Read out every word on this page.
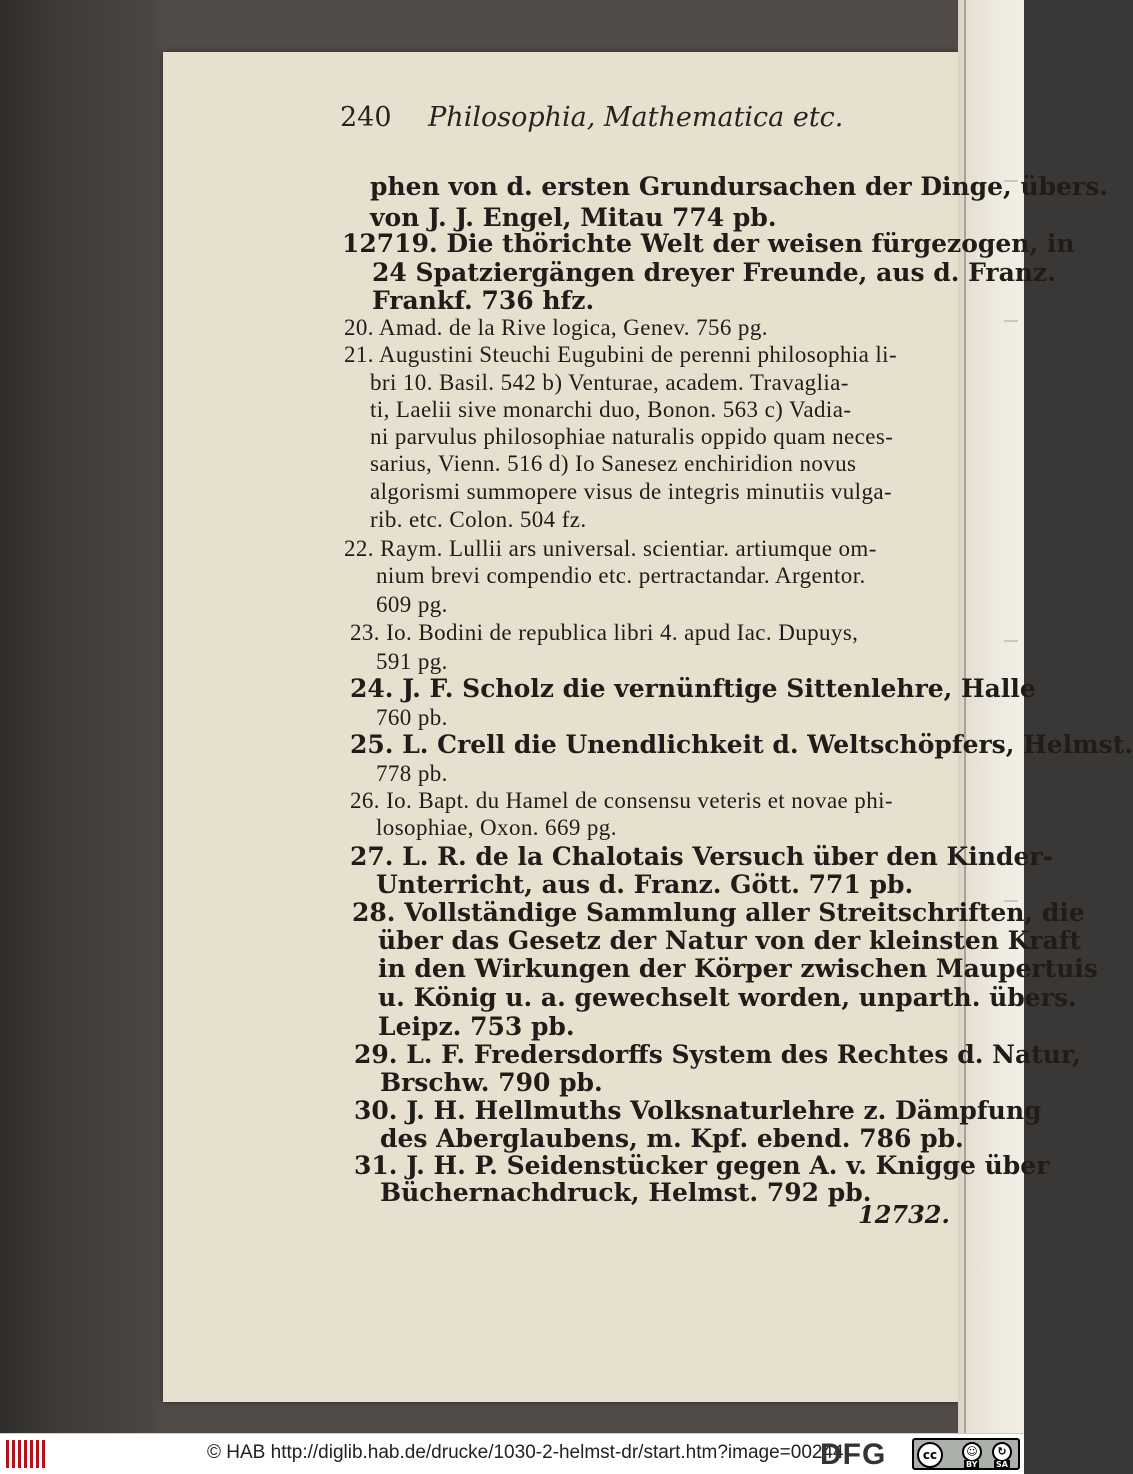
240 Philosophia, Mathematica etc.
phen von d. ersten Grundursachen der Dinge, übers.
von J. J. Engel, Mitau 774 pb.
12719. Die thörichte Welt der weisen fürgezogen, in
24 Spatziergängen dreyer Freunde, aus d. Franz.
Frankf. 736 hfz.
20. Amad. de la Rive logica, Genev. 756 pg.
21. Augustini Steuchi Eugubini de perenni philosophia li-
bri 10. Basil. 542 b) Venturae, academ. Travaglia-
ti, Laelii sive monarchi duo, Bonon. 563 c) Vadia-
ni parvulus philosophiae naturalis oppido quam neces-
sarius, Vienn. 516 d) Io Sanesez enchiridion novus
algorismi summopere visus de integris minutiis vulga-
rib. etc. Colon. 504 fz.
22. Raym. Lullii ars universal. scientiar. artiumque om-
nium brevi compendio etc. pertractandar. Argentor.
609 pg.
23. Io. Bodini de republica libri 4. apud Iac. Dupuys,
591 pg.
24. J. F. Scholz die vernünftige Sittenlehre, Halle
760 pb.
25. L. Crell die Unendlichkeit d. Weltschöpfers, Helmst.
778 pb.
26. Io. Bapt. du Hamel de consensu veteris et novae phi-
losophiae, Oxon. 669 pg.
27. L. R. de la Chalotais Versuch über den Kinder-
Unterricht, aus d. Franz. Gött. 771 pb.
28. Vollständige Sammlung aller Streitschriften, die
über das Gesetz der Natur von der kleinsten Kraft
in den Wirkungen der Körper zwischen Maupertuis
u. König u. a. gewechselt worden, unparth. übers.
Leipz. 753 pb.
29. L. F. Fredersdorffs System des Rechtes d. Natur,
Brschw. 790 pb.
30. J. H. Hellmuths Volksnaturlehre z. Dämpfung
des Aberglaubens, m. Kpf. ebend. 786 pb.
31. J. H. P. Seidenstücker gegen A. v. Knigge über
Büchernachdruck, Helmst. 792 pb.
12732.
© HAB http://diglib.hab.de/drucke/1030-2-helmst-dr/start.htm?image=00244
DFG	cc	☺	↻
BY SA
